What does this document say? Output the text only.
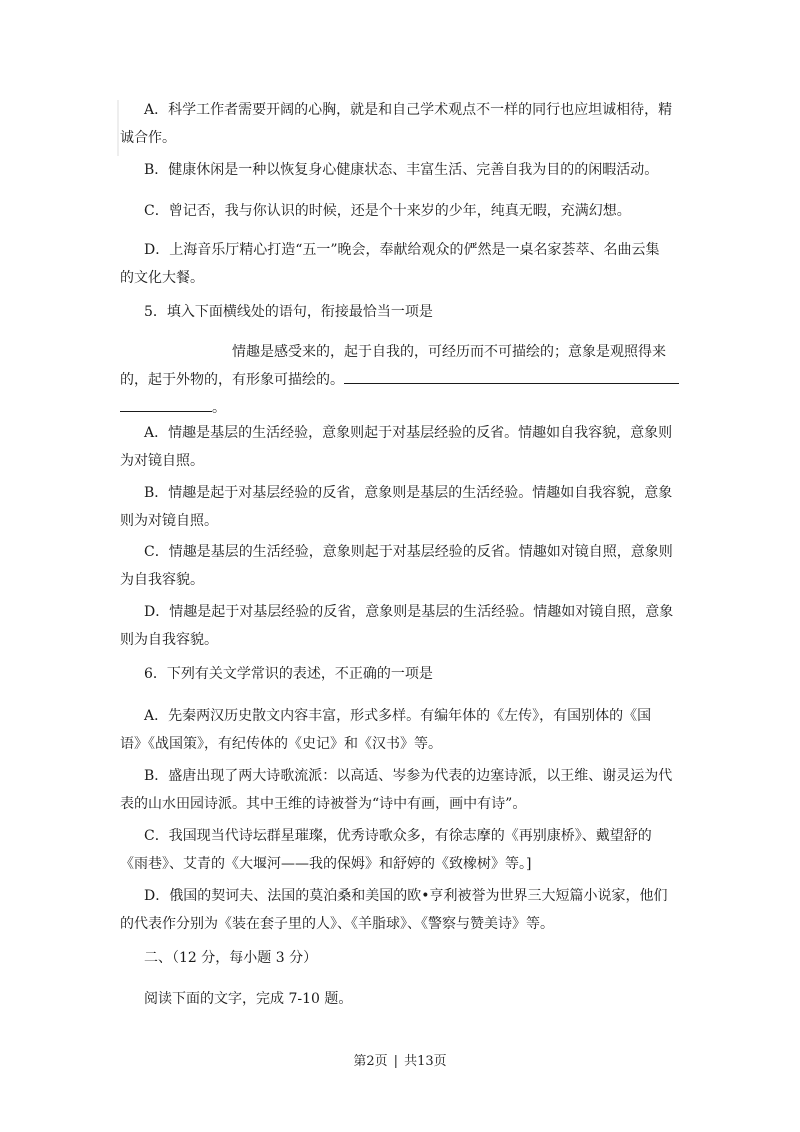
A．科学工作者需要开阔的心胸，就是和自己学术观点不一样的同行也应坦诚相待，精
诚合作。
B．健康休闲是一种以恢复身心健康状态、丰富生活、完善自我为目的的闲暇活动。
C．曾记否，我与你认识的时候，还是个十来岁的少年，纯真无暇，充满幻想。
D．上海音乐厅精心打造“五一”晚会，奉献给观众的俨然是一桌名家荟萃、名曲云集
的文化大餐。
5．填入下面横线处的语句，衔接最恰当一项是
情趣是感受来的，起于自我的，可经历而不可描绘的；意象是观照得来
的，起于外物的，有形象可描绘的。
。
A．情趣是基层的生活经验，意象则起于对基层经验的反省。情趣如自我容貌，意象则
为对镜自照。
B．情趣是起于对基层经验的反省，意象则是基层的生活经验。情趣如自我容貌，意象
则为对镜自照。
C．情趣是基层的生活经验，意象则起于对基层经验的反省。情趣如对镜自照，意象则
为自我容貌。
D．情趣是起于对基层经验的反省，意象则是基层的生活经验。情趣如对镜自照，意象
则为自我容貌。
6．下列有关文学常识的表述，不正确的一项是
A．先秦两汉历史散文内容丰富，形式多样。有编年体的《左传》，有国别体的《国
语》《战国策》，有纪传体的《史记》和《汉书》等。
B．盛唐出现了两大诗歌流派：以高适、岑参为代表的边塞诗派，以王维、谢灵运为代
表的山水田园诗派。其中王维的诗被誉为“诗中有画，画中有诗”。
C．我国现当代诗坛群星璀璨，优秀诗歌众多，有徐志摩的《再别康桥》、戴望舒的
《雨巷》、艾青的《大堰河——我的保姆》和舒婷的《致橡树》等。]
D．俄国的契诃夫、法国的莫泊桑和美国的欧•亨利被誉为世界三大短篇小说家，他们
的代表作分别为《装在套子里的人》、《羊脂球》、《警察与赞美诗》等。
二、（12 分，每小题 3 分）
阅读下面的文字，完成 7-10 题。
第2页 | 共13页
